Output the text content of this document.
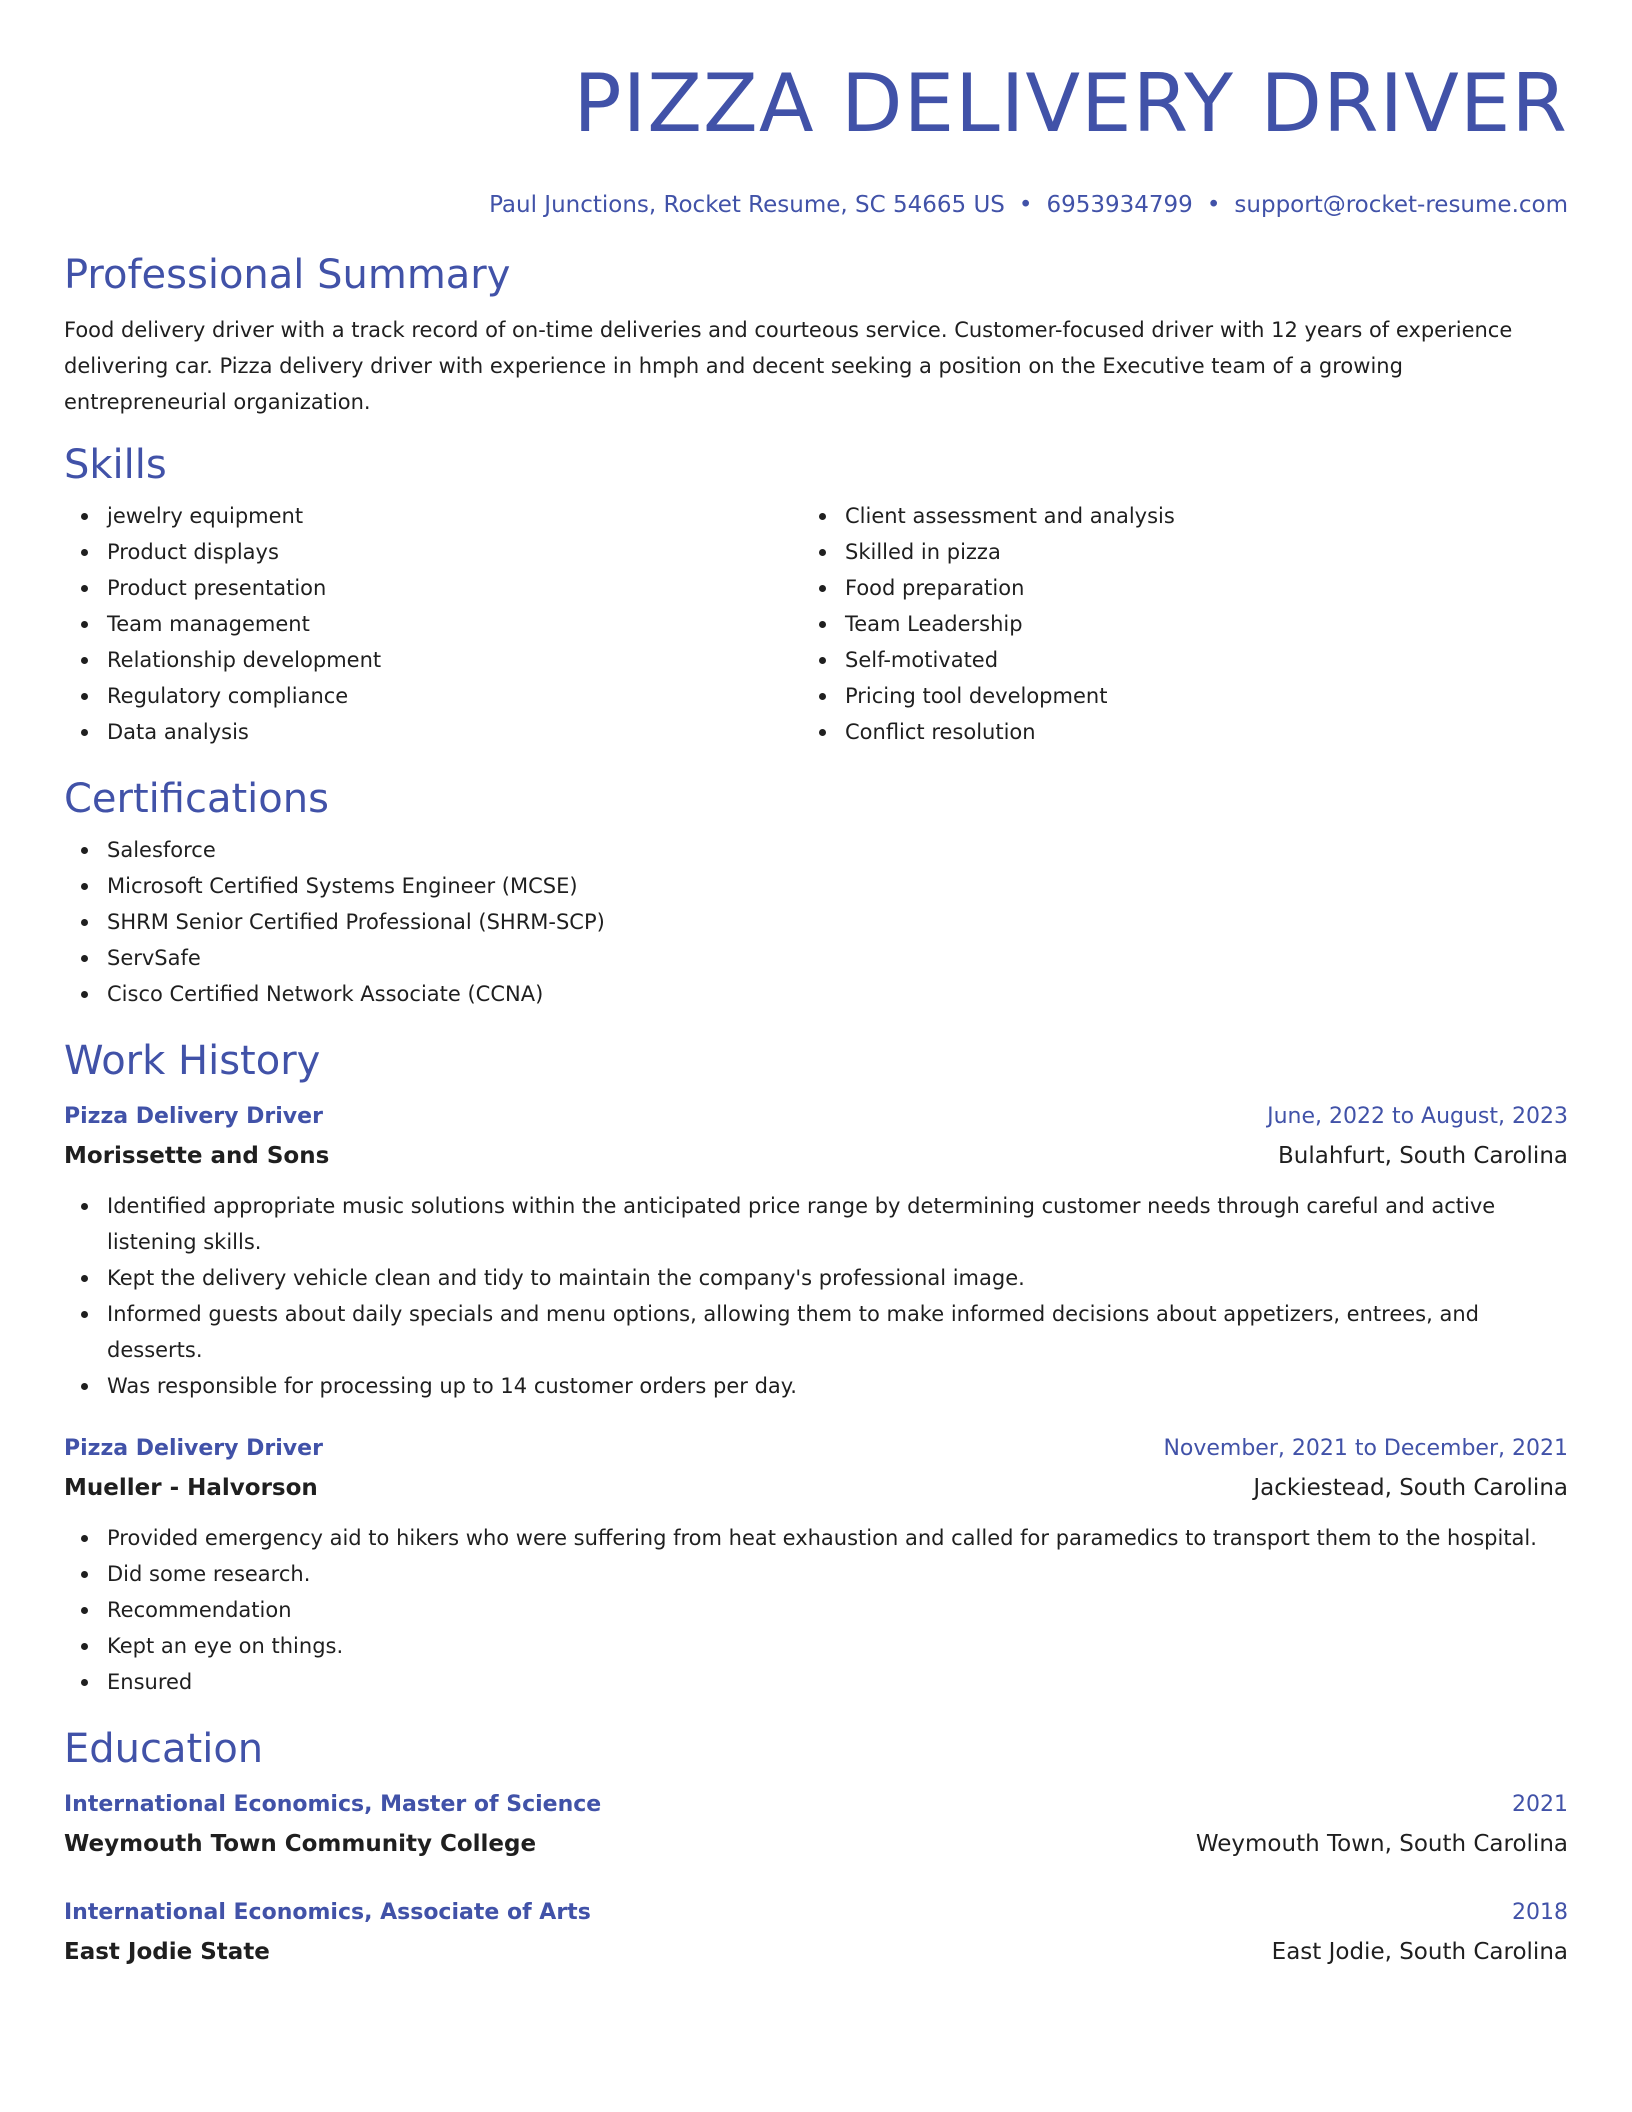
PIZZA DELIVERY DRIVER
Paul Junctions, Rocket Resume, SC 54665 US • 6953934799 • support@rocket-resume.com
Professional Summary

Food delivery driver with a track record of on-time deliveries and courteous service. Customer-focused driver with 12 years of experience delivering car. Pizza delivery driver with experience in hmph and decent seeking a position on the Executive team of a growing entrepreneurial organization.

Skills
jewelry equipment
Product displays
Product presentation
Team management
Relationship development
Regulatory compliance
Data analysis
Client assessment and analysis
Skilled in pizza
Food preparation
Team Leadership
Self-motivated
Pricing tool development
Conflict resolution
Certifications
Salesforce
Microsoft Certified Systems Engineer (MCSE)
SHRM Senior Certified Professional (SHRM-SCP)
ServSafe
Cisco Certified Network Associate (CCNA)
Work History
Pizza Delivery Driver	June, 2022 to August, 2023
Morissette and Sons	Bulahfurt, South Carolina
Identified appropriate music solutions within the anticipated price range by determining customer needs through careful and active listening skills.
Kept the delivery vehicle clean and tidy to maintain the company's professional image.
Informed guests about daily specials and menu options, allowing them to make informed decisions about appetizers, entrees, and desserts.
Was responsible for processing up to 14 customer orders per day.
Pizza Delivery Driver	November, 2021 to December, 2021
Mueller - Halvorson	Jackiestead, South Carolina
Provided emergency aid to hikers who were suffering from heat exhaustion and called for paramedics to transport them to the hospital.
Did some research.
Recommendation
Kept an eye on things.
Ensured
Education
International Economics, Master of Science	2021
Weymouth Town Community College	Weymouth Town, South Carolina
International Economics, Associate of Arts	2018
East Jodie State	East Jodie, South Carolina
